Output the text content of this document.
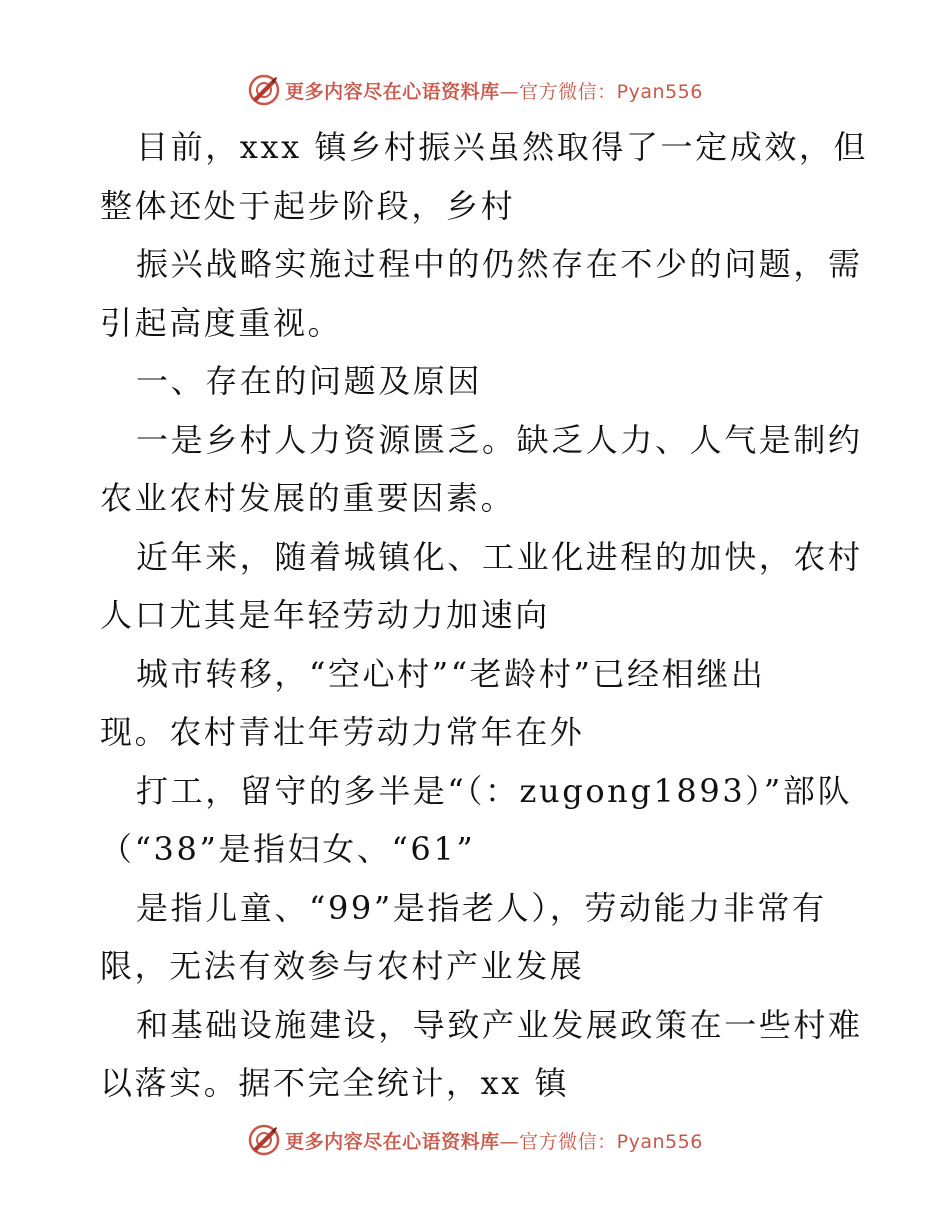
更多内容尽在心语资料库—官方微信：Pyan556
目前，xxx 镇乡村振兴虽然取得了一定成效，但
整体还处于起步阶段，乡村
振兴战略实施过程中的仍然存在不少的问题，需
引起高度重视。
一、存在的问题及原因
一是乡村人力资源匮乏。缺乏人力、人气是制约
农业农村发展的重要因素。
近年来，随着城镇化、工业化进程的加快，农村
人口尤其是年轻劳动力加速向
城市转移，“空心村”“老龄村”已经相继出
现。农村青壮年劳动力常年在外
打工，留守的多半是“（：zugong1893）”部队
（“38”是指妇女、“61”
是指儿童、“99”是指老人），劳动能力非常有
限，无法有效参与农村产业发展
和基础设施建设，导致产业发展政策在一些村难
以落实。据不完全统计，xx 镇
更多内容尽在心语资料库—官方微信：Pyan556
